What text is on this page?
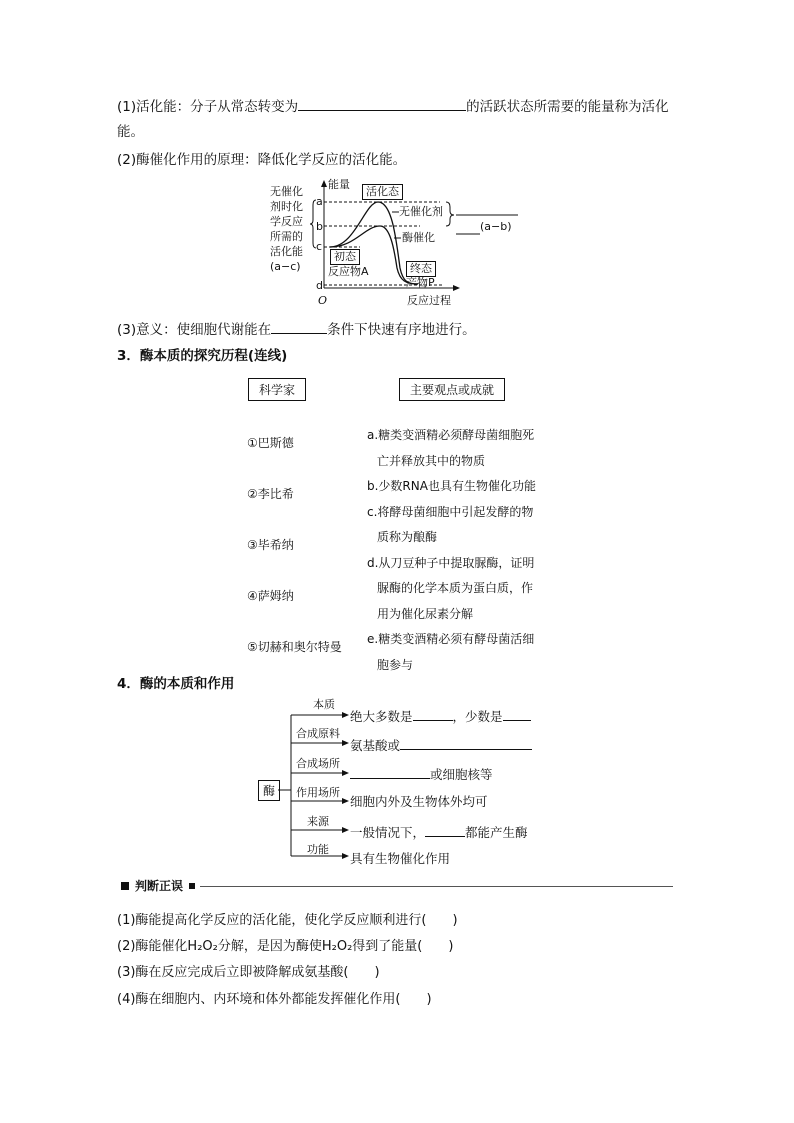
(1)活化能：分子从常态转变为	的活跃状态所需要的能量称为活化
能。
(2)酶催化作用的原理：降低化学反应的活化能。
无催化
剂时化
学反应
所需的
活化能
(a−c)
能量
反应过程
O
a
b
c
d
活化态
无催化剂
酶催化
初态
反应物A	终态
产物P
(a−b)
(3)意义：使细胞代谢能在	条件下快速有序地进行。
3．酶本质的探究历程(连线)
科学家	主要观点或成就
①巴斯德
②李比希
③毕希纳
④萨姆纳
⑤切赫和奥尔特曼
a.糖类变酒精必须酵母菌细胞死
亡并释放其中的物质
b.少数RNA也具有生物催化功能
c.将酵母菌细胞中引起发酵的物
质称为酿酶
d.从刀豆种子中提取脲酶，证明
脲酶的化学本质为蛋白质，作
用为催化尿素分解
e.糖类变酒精必须有酵母菌活细
胞参与
4．酶的本质和作用
酶
本质
合成原料
合成场所
作用场所
来源
功能
绝大多数是	，少数是
氨基酸或
或细胞核等
细胞内外及生物体外均可
一般情况下，	都能产生酶
具有生物催化作用
判断正误
(1)酶能提高化学反应的活化能，使化学反应顺利进行(　　)
(2)酶能催化H₂O₂分解，是因为酶使H₂O₂得到了能量(　　)
(3)酶在反应完成后立即被降解成氨基酸(　　)
(4)酶在细胞内、内环境和体外都能发挥催化作用(　　)
